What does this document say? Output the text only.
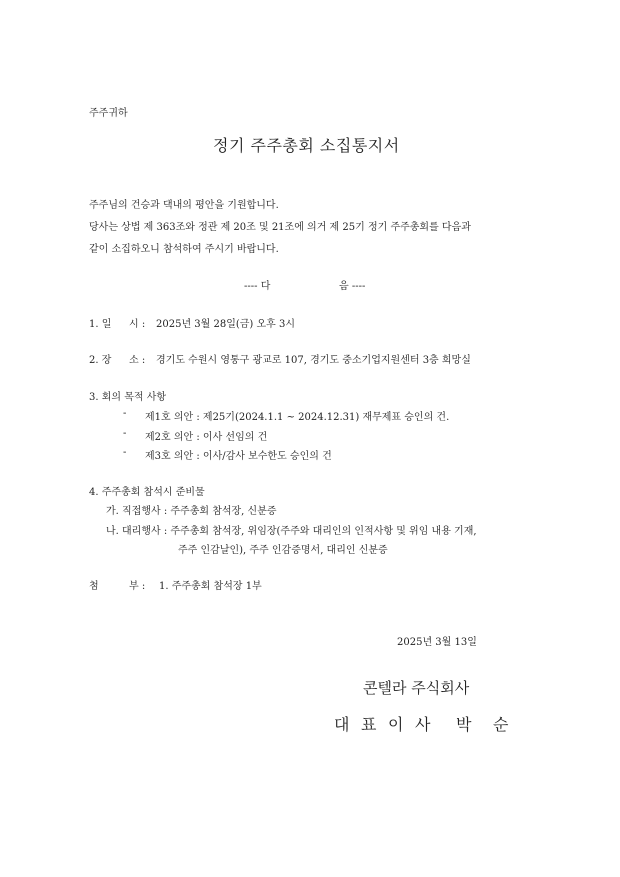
주주귀하
정기 주주총회 소집통지서
주주님의 건승과 댁내의 평안을 기원합니다.
당사는 상법 제 363조와 정관 제 20조 및 21조에 의거 제 25기 정기 주주총회를 다음과
같이 소집하오니 참석하여 주시기 바랍니다.
---- 다	음 ----
1. 일 시 : 2025년 3월 28일(금) 오후 3시
2. 장 소 : 경기도 수원시 영통구 광교로 107, 경기도 중소기업지원센터 3층 희망실
3. 회의 목적 사항
- 제1호 의안 : 제25기(2024.1.1 ~ 2024.12.31) 재무제표 승인의 건.
- 제2호 의안 : 이사 선임의 건
- 제3호 의안 : 이사/감사 보수한도 승인의 건
4. 주주총회 참석시 준비물
가. 직접행사 : 주주총회 참석장, 신분증
나. 대리행사 : 주주총회 참석장, 위임장(주주와 대리인의 인적사항 및 위임 내용 기재,
주주 인감날인), 주주 인감증명서, 대리인 신분증
첨	부 : 1. 주주총회 참석장 1부
2025년 3월 13일
콘텔라 주식회사
대 표 이 사 박 순
